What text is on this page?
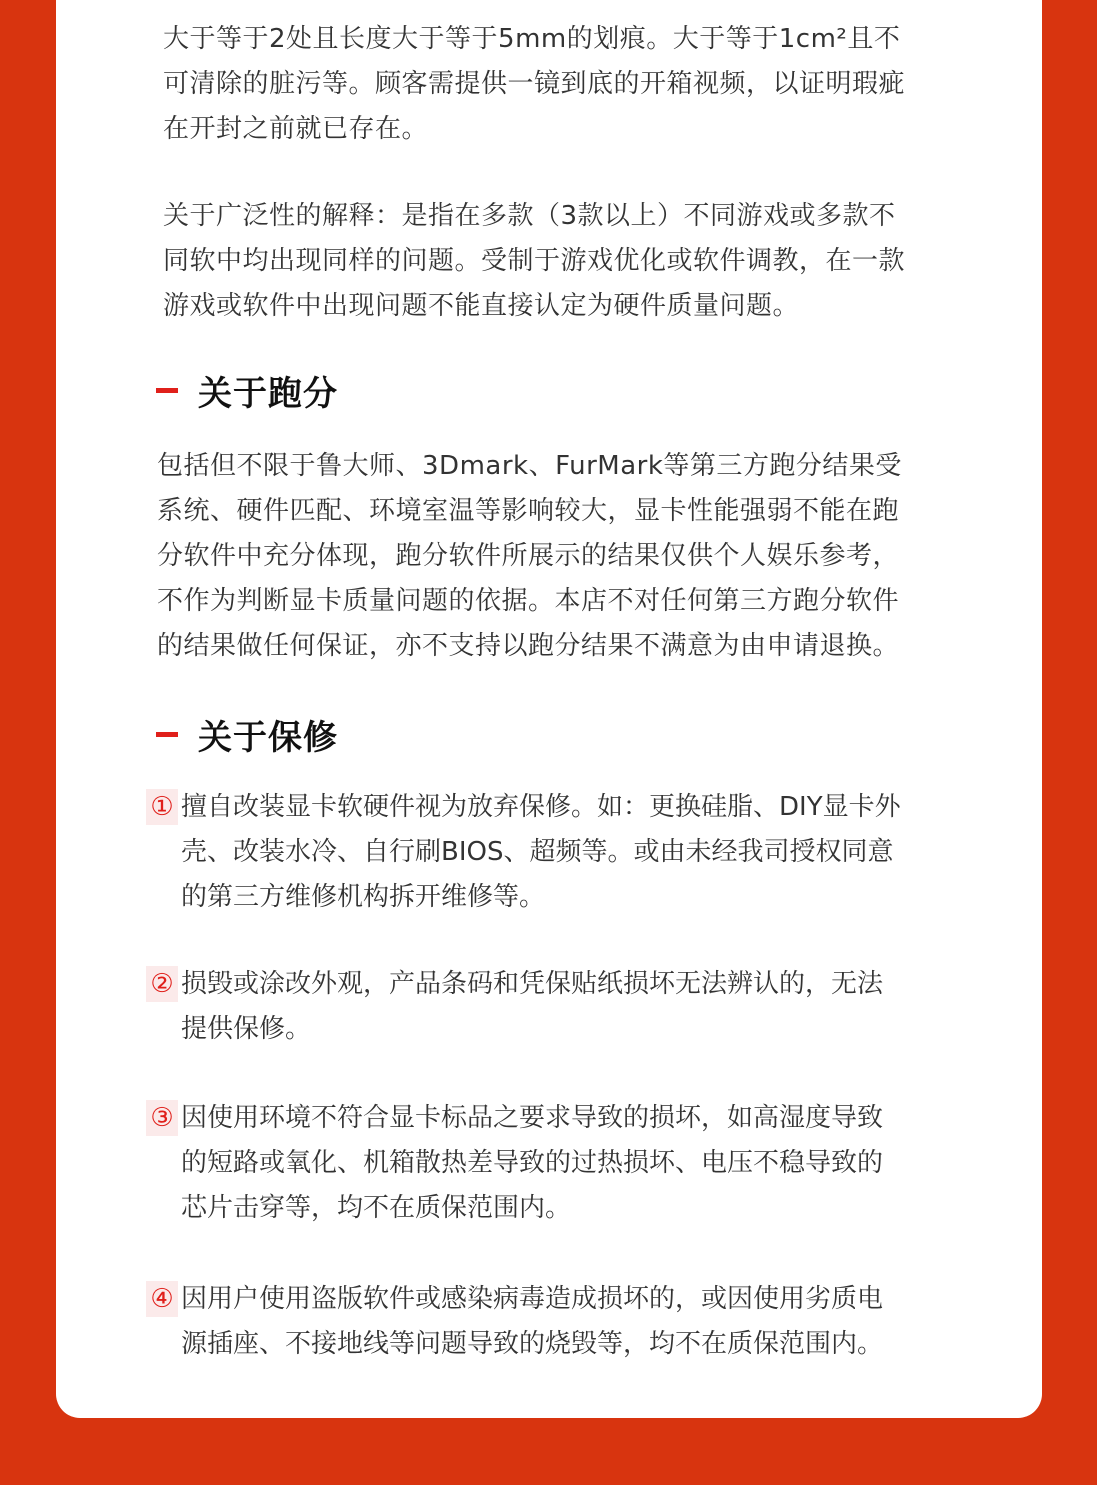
大于等于2处且长度大于等于5mm的划痕。大于等于1cm²且不
可清除的脏污等。顾客需提供一镜到底的开箱视频，以证明瑕疵
在开封之前就已存在。

关于广泛性的解释：是指在多款（3款以上）不同游戏或多款不
同软中均出现同样的问题。受制于游戏优化或软件调教，在一款
游戏或软件中出现问题不能直接认定为硬件质量问题。

关于跑分

包括但不限于鲁大师、3Dmark、FurMark等第三方跑分结果受
系统、硬件匹配、环境室温等影响较大，显卡性能强弱不能在跑
分软件中充分体现，跑分软件所展示的结果仅供个人娱乐参考，
不作为判断显卡质量问题的依据。本店不对任何第三方跑分软件
的结果做任何保证，亦不支持以跑分结果不满意为由申请退换。

关于保修
① 擅自改装显卡软硬件视为放弃保修。如：更换硅脂、DIY显卡外
壳、改装水冷、自行刷BIOS、超频等。或由未经我司授权同意
的第三方维修机构拆开维修等。

② 损毁或涂改外观，产品条码和凭保贴纸损坏无法辨认的，无法
提供保修。

③ 因使用环境不符合显卡标品之要求导致的损坏，如高湿度导致
的短路或氧化、机箱散热差导致的过热损坏、电压不稳导致的
芯片击穿等，均不在质保范围内。

④ 因用户使用盗版软件或感染病毒造成损坏的，或因使用劣质电
源插座、不接地线等问题导致的烧毁等，均不在质保范围内。
